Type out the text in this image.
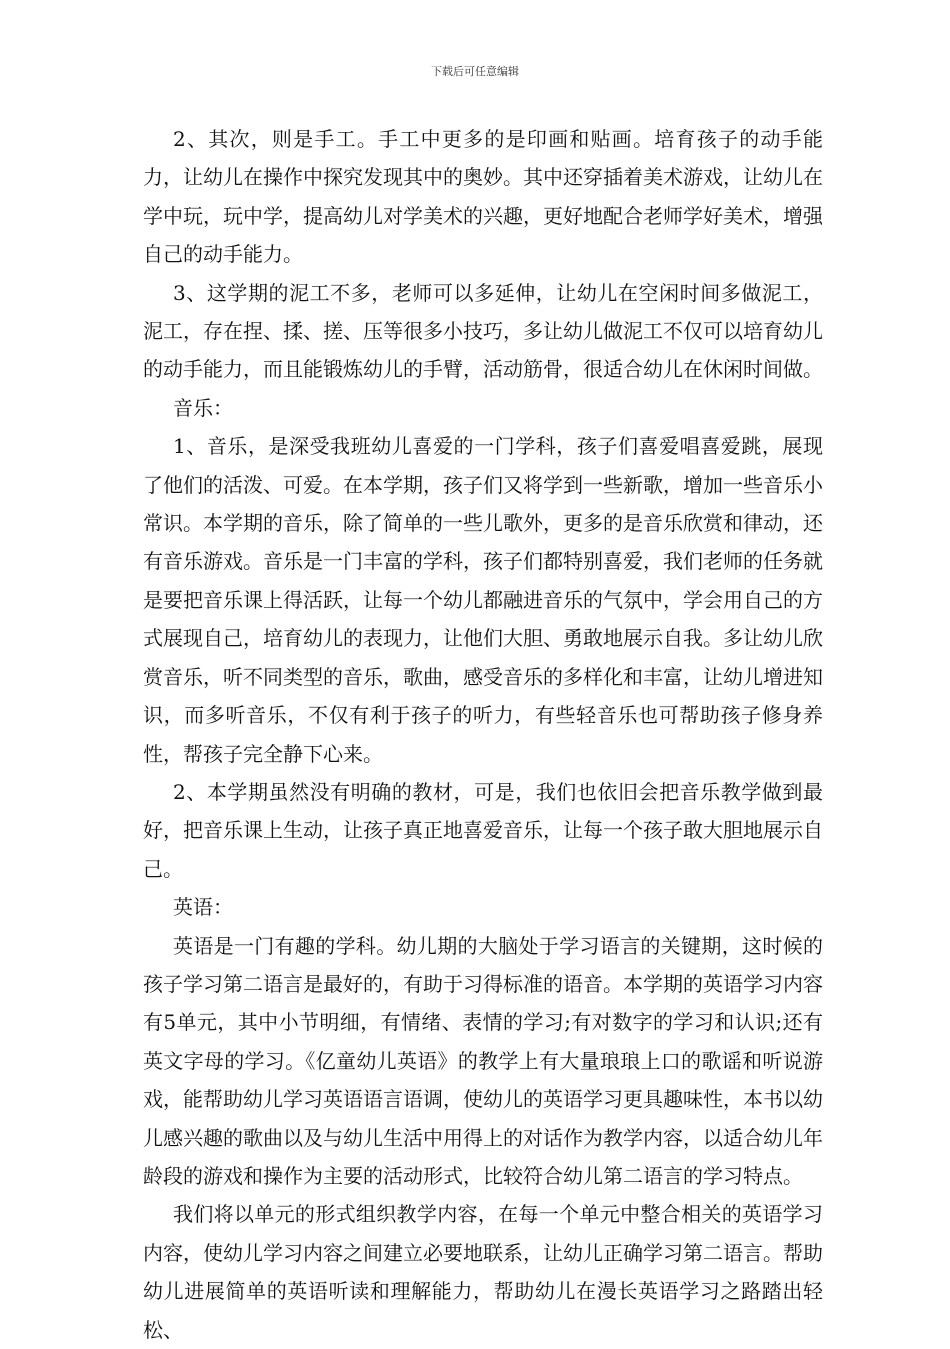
下载后可任意编辑

2、其次，则是手工。手工中更多的是印画和贴画。培育孩子的动手能力，让幼儿在操作中探究发现其中的奥妙。其中还穿插着美术游戏，让幼儿在学中玩，玩中学，提高幼儿对学美术的兴趣，更好地配合老师学好美术，增强自己的动手能力。

3、这学期的泥工不多，老师可以多延伸，让幼儿在空闲时间多做泥工，泥工，存在捏、揉、搓、压等很多小技巧，多让幼儿做泥工不仅可以培育幼儿的动手能力，而且能锻炼幼儿的手臂，活动筋骨，很适合幼儿在休闲时间做。

音乐：

1、音乐，是深受我班幼儿喜爱的一门学科，孩子们喜爱唱喜爱跳，展现了他们的活泼、可爱。在本学期，孩子们又将学到一些新歌，增加一些音乐小常识。本学期的音乐，除了简单的一些儿歌外，更多的是音乐欣赏和律动，还有音乐游戏。音乐是一门丰富的学科，孩子们都特别喜爱，我们老师的任务就是要把音乐课上得活跃，让每一个幼儿都融进音乐的气氛中，学会用自己的方式展现自己，培育幼儿的表现力，让他们大胆、勇敢地展示自我。多让幼儿欣赏音乐，听不同类型的音乐，歌曲，感受音乐的多样化和丰富，让幼儿增进知识，而多听音乐，不仅有利于孩子的听力，有些轻音乐也可帮助孩子修身养性，帮孩子完全静下心来。

2、本学期虽然没有明确的教材，可是，我们也依旧会把音乐教学做到最好，把音乐课上生动，让孩子真正地喜爱音乐，让每一个孩子敢大胆地展示自己。

英语：

英语是一门有趣的学科。幼儿期的大脑处于学习语言的关键期，这时候的孩子学习第二语言是最好的，有助于习得标准的语音。本学期的英语学习内容有5单元，其中小节明细，有情绪、表情的学习;有对数字的学习和认识;还有英文字母的学习。《亿童幼儿英语》的教学上有大量琅琅上口的歌谣和听说游戏，能帮助幼儿学习英语语言语调，使幼儿的英语学习更具趣味性，本书以幼儿感兴趣的歌曲以及与幼儿生活中用得上的对话作为教学内容，以适合幼儿年龄段的游戏和操作为主要的活动形式，比较符合幼儿第二语言的学习特点。

我们将以单元的形式组织教学内容，在每一个单元中整合相关的英语学习内容，使幼儿学习内容之间建立必要地联系，让幼儿正确学习第二语言。帮助幼儿进展简单的英语听读和理解能力，帮助幼儿在漫长英语学习之路踏出轻松、
